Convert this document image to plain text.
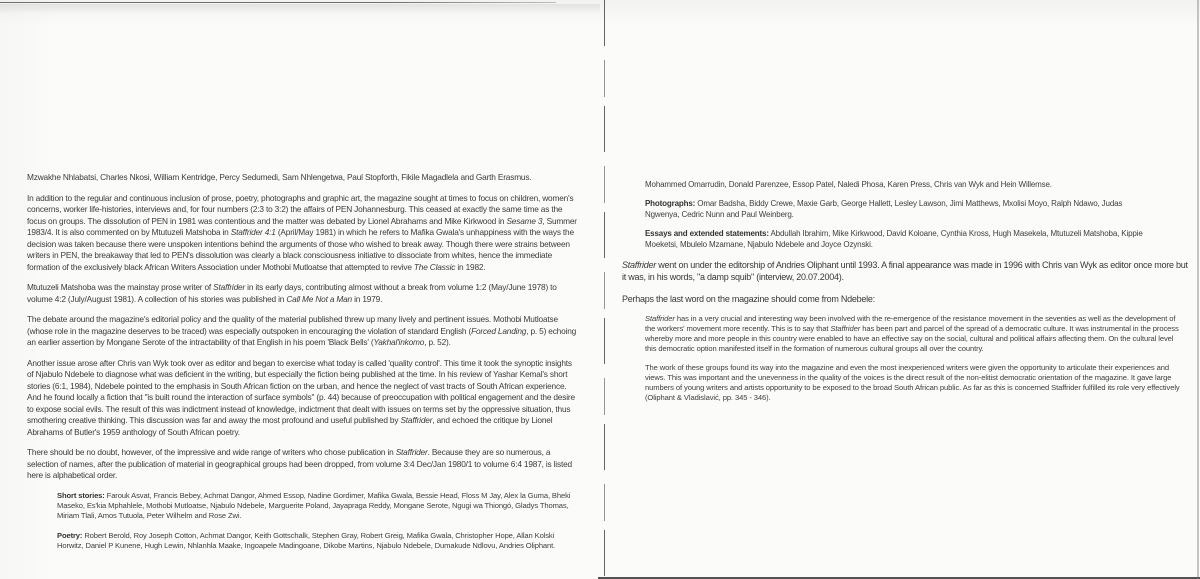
Mzwakhe Nhlabatsi, Charles Nkosi, William Kentridge, Percy Sedumedi, Sam Nhlengetwa, Paul Stopforth, Fikile Magadlela and Garth Erasmus.
In addition to the regular and continuous inclusion of prose, poetry, photographs and graphic art, the magazine sought at times to focus on children, women's concerns, worker life-histories, interviews and, for four numbers (2:3 to 3:2) the affairs of PEN Johannesburg. This ceased at exactly the same time as the focus on groups. The dissolution of PEN in 1981 was contentious and the matter was debated by Lionel Abrahams and Mike Kirkwood in Sesame 3, Summer 1983/4. It is also commented on by Mtutuzeli Matshoba in Staffrider 4:1 (April/May 1981) in which he refers to Mafika Gwala's unhappiness with the ways the decision was taken because there were unspoken intentions behind the arguments of those who wished to break away. Though there were strains between writers in PEN, the breakaway that led to PEN's dissolution was clearly a black consciousness initiative to dissociate from whites, hence the immediate formation of the exclusively black African Writers Association under Mothobi Mutloatse that attempted to revive The Classic in 1982.
Mtutuzeli Matshoba was the mainstay prose writer of Staffrider in its early days, contributing almost without a break from volume 1:2 (May/June 1978) to volume 4:2 (July/August 1981). A collection of his stories was published in Call Me Not a Man in 1979.
The debate around the magazine's editorial policy and the quality of the material published threw up many lively and pertinent issues. Mothobi Mutloatse (whose role in the magazine deserves to be traced) was especially outspoken in encouraging the violation of standard English (Forced Landing, p. 5) echoing an earlier assertion by Mongane Serote of the intractability of that English in his poem 'Black Bells' (Yakhal'inkomo, p. 52).
Another issue arose after Chris van Wyk took over as editor and began to exercise what today is called 'quality control'. This time it took the synoptic insights of Njabulo Ndebele to diagnose what was deficient in the writing, but especially the fiction being published at the time. In his review of Yashar Kemal's short stories (6:1, 1984), Ndebele pointed to the emphasis in South African fiction on the urban, and hence the neglect of vast tracts of South African experience. And he found locally a fiction that "is built round the interaction of surface symbols" (p. 44) because of preoccupation with political engagement and the desire to expose social evils. The result of this was indictment instead of knowledge, indictment that dealt with issues on terms set by the oppressive situation, thus smothering creative thinking. This discussion was far and away the most profound and useful published by Staffrider, and echoed the critique by Lionel Abrahams of Butler's 1959 anthology of South African poetry.
There should be no doubt, however, of the impressive and wide range of writers who chose publication in Staffrider. Because they are so numerous, a selection of names, after the publication of material in geographical groups had been dropped, from volume 3:4 Dec/Jan 1980/1 to volume 6:4 1987, is listed here is alphabetical order.
Short stories: Farouk Asvat, Francis Bebey, Achmat Dangor, Ahmed Essop, Nadine Gordimer, Mafika Gwala, Bessie Head, Floss M Jay, Alex la Guma, Bheki Maseko, Es'kia Mphahlele, Mothobi Mutloatse, Njabulo Ndebele, Marguerite Poland, Jayapraga Reddy, Mongane Serote, Ngugi wa Thiongó, Gladys Thomas, Miriam Tlali, Amos Tutuola, Peter Wilhelm and Rose Zwi.
Poetry: Robert Berold, Roy Joseph Cotton, Achmat Dangor, Keith Gottschalk, Stephen Gray, Robert Greig, Mafika Gwala, Christopher Hope, Allan Kolski Horwitz, Daniel P Kunene, Hugh Lewin, Nhlanhla Maake, Ingoapele Madingoane, Dikobe Martins, Njabulo Ndebele, Dumakude Ndlovu, Andries Oliphant.
Mohammed Omarrudin, Donald Parenzee, Essop Patel, Naledi Phosa, Karen Press, Chris van Wyk and Hein Willemse.
Photographs: Omar Badsha, Biddy Crewe, Maxie Garb, George Hallett, Lesley Lawson, Jimi Matthews, Mxolisi Moyo, Ralph Ndawo, Judas Ngwenya, Cedric Nunn and Paul Weinberg.
Essays and extended statements: Abdullah Ibrahim, Mike Kirkwood, David Koloane, Cynthia Kross, Hugh Masekela, Mtutuzeli Matshoba, Kippie Moeketsi, Mbulelo Mzamane, Njabulo Ndebele and Joyce Ozynski.
Staffrider went on under the editorship of Andries Oliphant until 1993. A final appearance was made in 1996 with Chris van Wyk as editor once more but it was, in his words, "a damp squib" (interview, 20.07.2004).
Perhaps the last word on the magazine should come from Ndebele:
Staffrider has in a very crucial and interesting way been involved with the re-emergence of the resistance movement in the seventies as well as the development of the workers' movement more recently. This is to say that Staffrider has been part and parcel of the spread of a democratic culture. It was instrumental in the process whereby more and more people in this country were enabled to have an effective say on the social, cultural and political affairs affecting them. On the cultural level this democratic option manifested itself in the formation of numerous cultural groups all over the country.
The work of these groups found its way into the magazine and even the most inexperienced writers were given the opportunity to articulate their experiences and views. This was important and the unevenness in the quality of the voices is the direct result of the non-elitist democratic orientation of the magazine. It gave large numbers of young writers and artists opportunity to be exposed to the broad South African public. As far as this is concerned Staffrider fulfilled its role very effectively (Oliphant & Vladislavić, pp. 345 - 346).
